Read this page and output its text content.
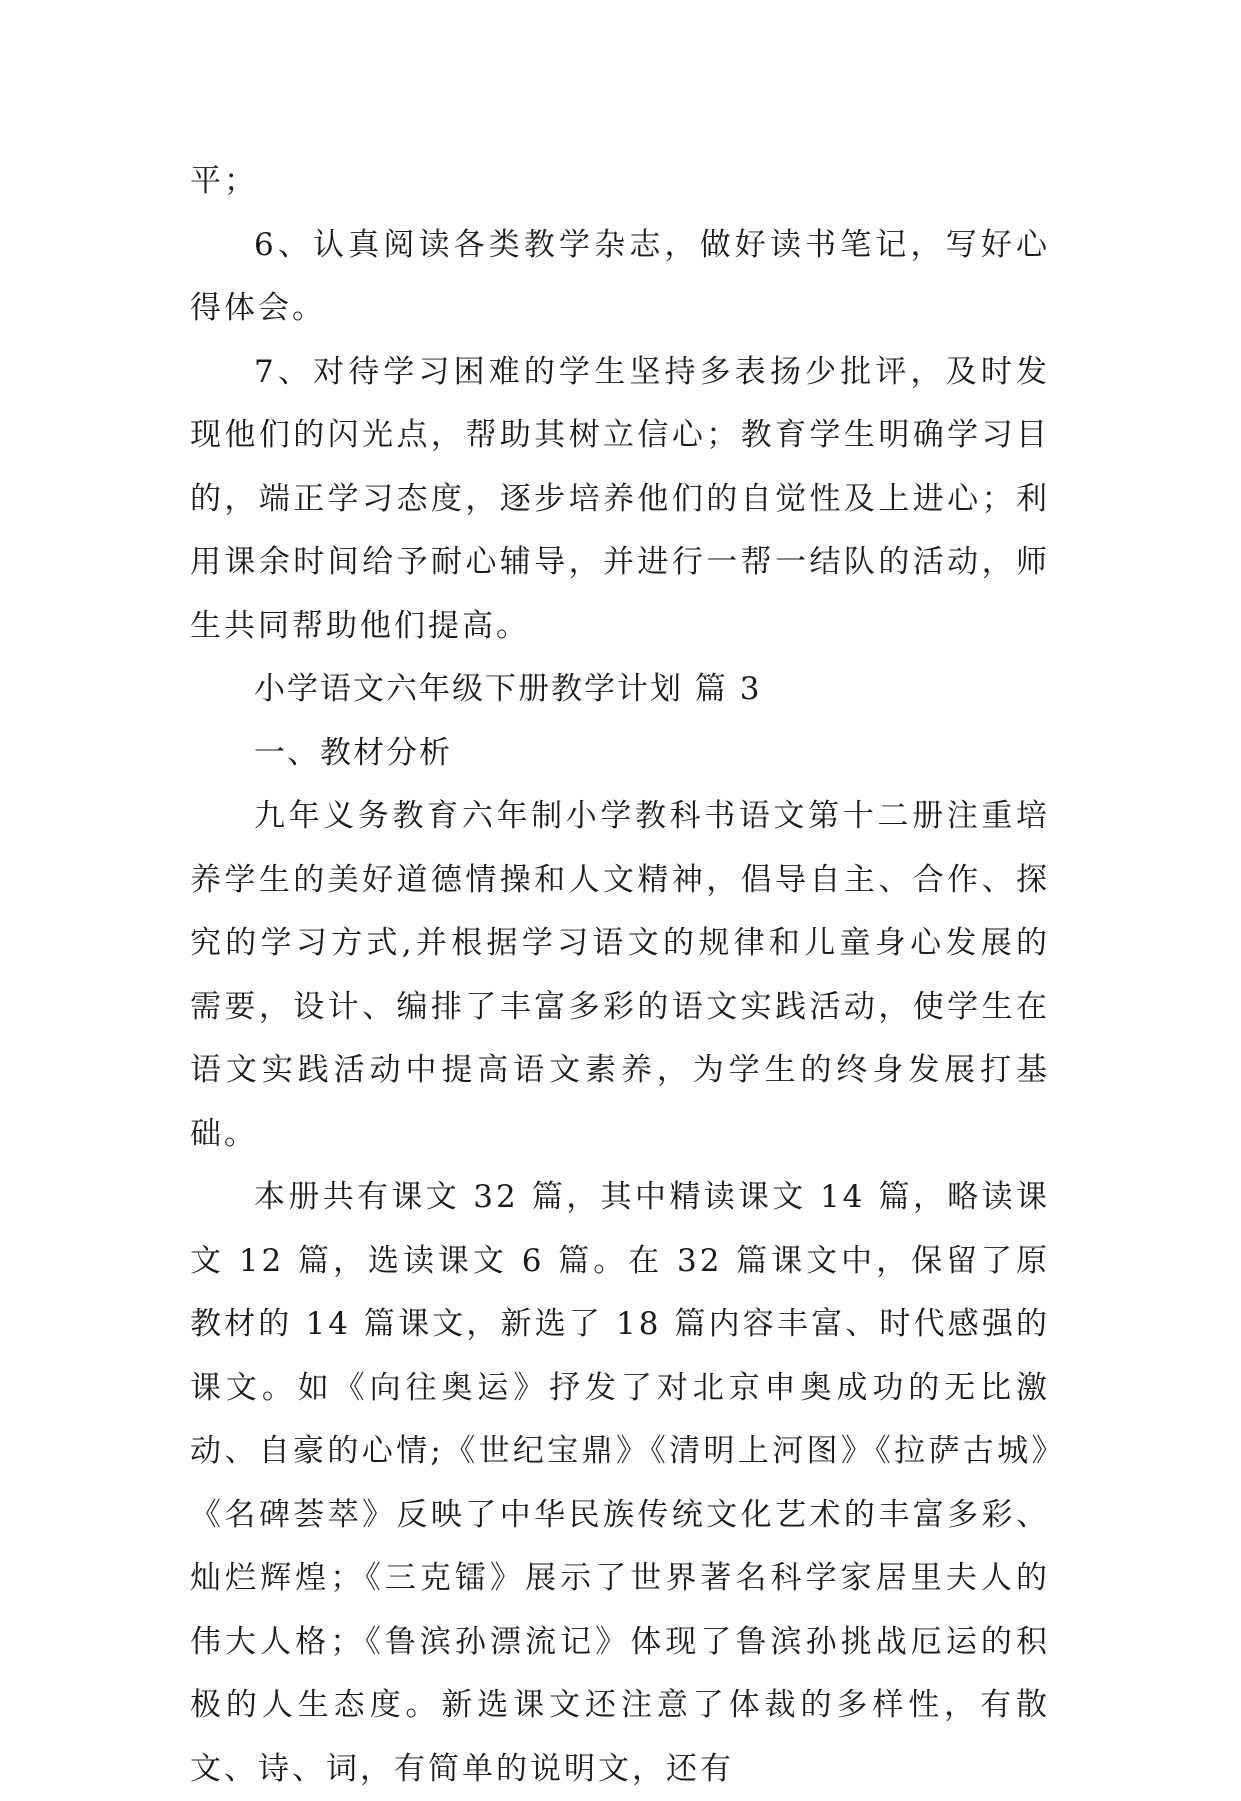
平；

6、认真阅读各类教学杂志，做好读书笔记，写好心得体会。

7、对待学习困难的学生坚持多表扬少批评，及时发现他们的闪光点，帮助其树立信心；教育学生明确学习目的，端正学习态度，逐步培养他们的自觉性及上进心；利用课余时间给予耐心辅导，并进行一帮一结队的活动，师生共同帮助他们提高。

小学语文六年级下册教学计划 篇 3

一、教材分析

九年义务教育六年制小学教科书语文第十二册注重培养学生的美好道德情操和人文精神，倡导自主、合作、探究的学习方式,并根据学习语文的规律和儿童身心发展的需要，设计、编排了丰富多彩的语文实践活动，使学生在语文实践活动中提高语文素养，为学生的终身发展打基础。

本册共有课文 32 篇，其中精读课文 14 篇，略读课文 12 篇，选读课文 6 篇。在 32 篇课文中，保留了原教材的 14 篇课文，新选了 18 篇内容丰富、时代感强的课文。如《向往奥运》抒发了对北京申奥成功的无比激动、自豪的心情;《世纪宝鼎》《清明上河图》《拉萨古城》《名碑荟萃》反映了中华民族传统文化艺术的丰富多彩、灿烂辉煌；《三克镭》展示了世界著名科学家居里夫人的伟大人格；《鲁滨孙漂流记》体现了鲁滨孙挑战厄运的积极的人生态度。新选课文还注意了体裁的多样性，有散文、诗、词，有简单的说明文，还有
